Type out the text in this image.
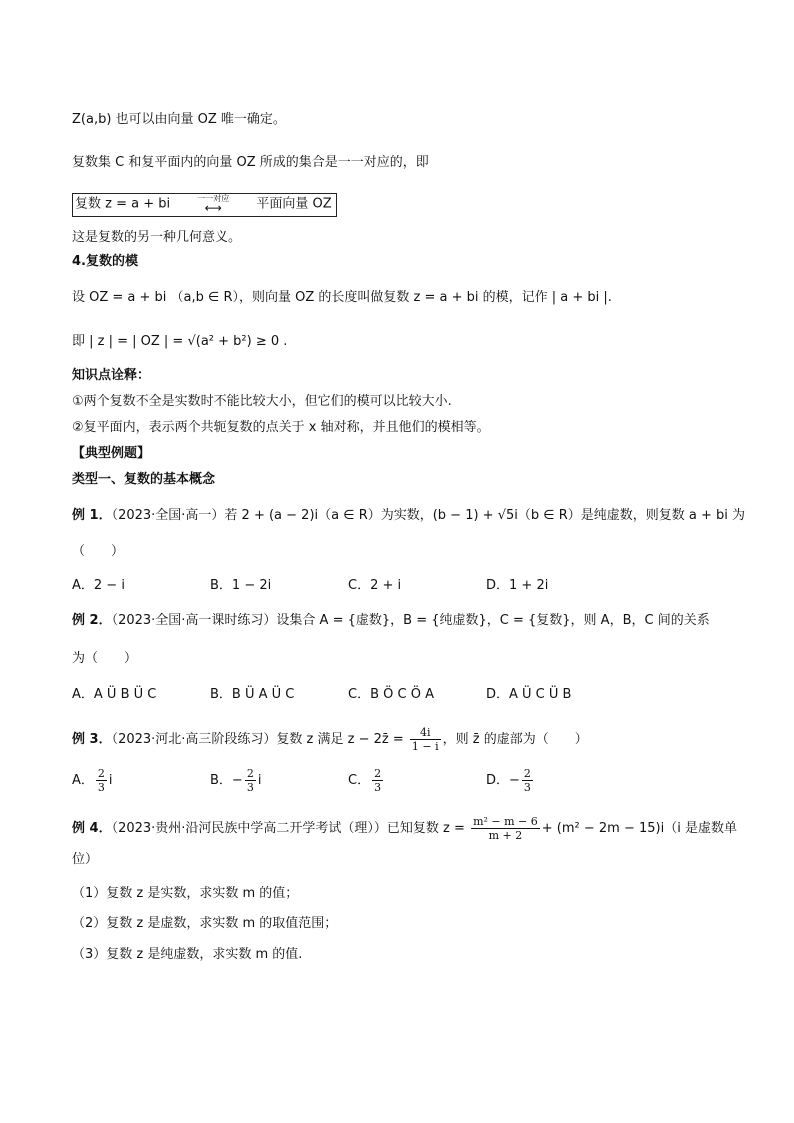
Z(a,b) 也可以由向量 OZ 唯一确定。
复数集 C 和复平面内的向量 OZ 所成的集合是一一对应的，即
复数 z = a + bi	一一对应
⟷	平面向量 OZ
这是复数的另一种几何意义。
4.复数的模
设 OZ = a + bi （a,b ∈ R），则向量 OZ 的长度叫做复数 z = a + bi 的模，记作 | a + bi |.
即 | z | = | OZ | = √(a² + b²) ≥ 0 .
知识点诠释：
①两个复数不全是实数时不能比较大小，但它们的模可以比较大小.
②复平面内，表示两个共轭复数的点关于 x 轴对称，并且他们的模相等。
【典型例题】
类型一、复数的基本概念
例 1．（2023·全国·高一）若 2 + (a − 2)i（a ∈ R）为实数，(b − 1) + √5i（b ∈ R）是纯虚数，则复数 a + bi 为
（　　）
A．2 − i	B．1 − 2i	C．2 + i	D．1 + 2i
例 2．（2023·全国·高一课时练习）设集合 A = {虚数}，B = {纯虚数}，C = {复数}，则 A，B，C 间的关系
为（　　）
A．A Ü B Ü C	B．B Ü A Ü C	C．B Ö C Ö A	D．A Ü C Ü B
例 3．（2023·河北·高三阶段练习）复数 z 满足 z − 2z̄ = $\frac{4i}{1 - i}$ ，则 z̄ 的虚部为（　　）
A． $\frac{2}{3}$ i	B．− $\frac{2}{3}$ i	C． $\frac{2}{3}$	D．− $\frac{2}{3}$
例 4．（2023·贵州·沿河民族中学高二开学考试（理））已知复数 $z = \frac{\text{m² − m − 6}}{m + 2} + (m^2 - 2m - 15)i(i$ 是虚数单
位）
（1）复数 z 是实数，求实数 m 的值；
（2）复数 z 是虚数，求实数 m 的取值范围；
（3）复数 z 是纯虚数，求实数 m 的值.
